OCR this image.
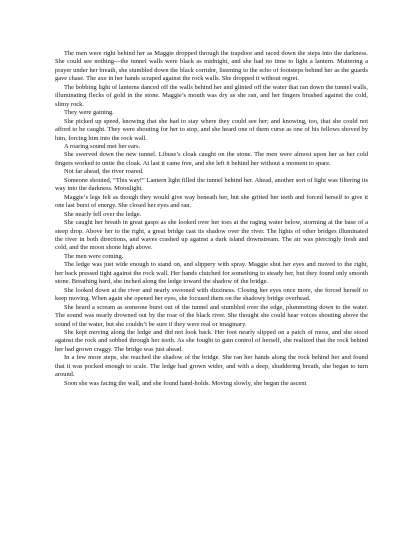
The men were right behind her as Maggie dropped through the trapdoor and raced down the steps into the darkness. She could see nothing—the tunnel walls were black as midnight, and she had no time to light a lantern. Muttering a prayer under her breath, she stumbled down the black corridor, listening to the echo of footsteps behind her as the guards gave chase. The axe in her hands scraped against the rock walls. She dropped it without regret.

The bobbing light of lanterns danced off the walls behind her and glinted off the water that ran down the tunnel walls, illuminating flecks of gold in the stone. Maggie’s mouth was dry as she ran, and her fingers brushed against the cold, slimy rock.

They were gaining.

She picked up speed, knowing that she had to stay where they could see her; and knowing, too, that she could not afford to be caught. They were shouting for her to stop, and she heard one of them curse as one of his fellows shoved by him, forcing him into the rock wall.

A roaring sound met her ears.

She swerved down the new tunnel. Libuse’s cloak caught on the stone. The men were almost upon her as her cold fingers worked to untie the cloak. At last it came free, and she left it behind her without a moment to spare.

Not far ahead, the river roared.

Someone shouted, “This way!” Lantern light filled the tunnel behind her. Ahead, another sort of light was filtering its way into the darkness. Moonlight.

Maggie’s legs felt as though they would give way beneath her, but she gritted her teeth and forced herself to give it one last burst of energy. She closed her eyes and ran.

She nearly fell over the ledge.

She caught her breath in great gasps as she looked over her toes at the raging water below, storming at the base of a steep drop. Above her to the right, a great bridge cast its shadow over the river. The lights of other bridges illuminated the river in both directions, and waves crashed up against a dark island downstream. The air was piercingly fresh and cold, and the moon shone high above.

The men were coming.

The ledge was just wide enough to stand on, and slippery with spray. Maggie shut her eyes and moved to the right, her back pressed tight against the rock wall. Her hands clutched for something to steady her, but they found only smooth stone. Breathing hard, she inched along the ledge toward the shadow of the bridge.

She looked down at the river and nearly swooned with dizziness. Closing her eyes once more, she forced herself to keep moving. When again she opened her eyes, she focused them on the shadowy bridge overhead.

She heard a scream as someone burst out of the tunnel and stumbled over the edge, plummeting down to the water. The sound was nearly drowned out by the roar of the black river. She thought she could hear voices shouting above the sound of the water, but she couldn’t be sure if they were real or imaginary.

She kept moving along the ledge and did not look back. Her foot nearly slipped on a patch of moss, and she stood against the rock and sobbed through her teeth. As she fought to gain control of herself, she realized that the rock behind her had grown craggy. The bridge was just ahead.

In a few more steps, she reached the shadow of the bridge. She ran her hands along the rock behind her and found that it was pocked enough to scale. The ledge had grown wider, and with a deep, shuddering breath, she began to turn around.

Soon she was facing the wall, and she found hand-holds. Moving slowly, she began the ascent
